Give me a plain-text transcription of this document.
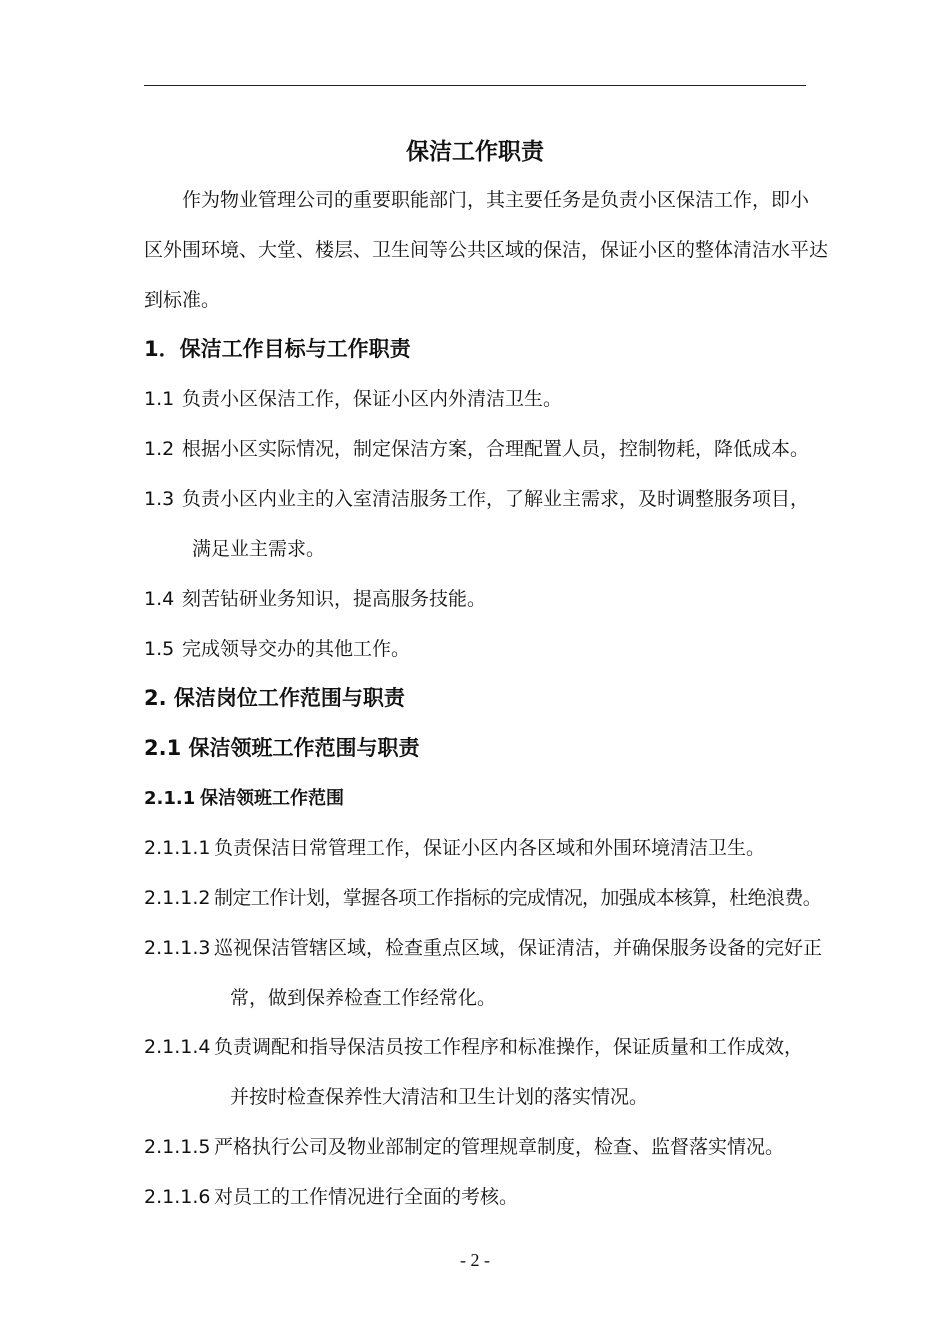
保洁工作职责
作为物业管理公司的重要职能部门，其主要任务是负责小区保洁工作，即小
区外围环境、大堂、楼层、卫生间等公共区域的保洁，保证小区的整体清洁水平达
到标准。
1．保洁工作目标与工作职责
1.1 负责小区保洁工作，保证小区内外清洁卫生。
1.2 根据小区实际情况，制定保洁方案，合理配置人员，控制物耗，降低成本。
1.3 负责小区内业主的入室清洁服务工作，了解业主需求，及时调整服务项目，
满足业主需求。
1.4 刻苦钻研业务知识，提高服务技能。
1.5 完成领导交办的其他工作。
2. 保洁岗位工作范围与职责
2.1 保洁领班工作范围与职责
2.1.1 保洁领班工作范围
2.1.1.1 负责保洁日常管理工作，保证小区内各区域和外围环境清洁卫生。
2.1.1.2 制定工作计划，掌握各项工作指标的完成情况，加强成本核算，杜绝浪费。
2.1.1.3 巡视保洁管辖区域，检查重点区域，保证清洁，并确保服务设备的完好正
常，做到保养检查工作经常化。
2.1.1.4 负责调配和指导保洁员按工作程序和标准操作，保证质量和工作成效，
并按时检查保养性大清洁和卫生计划的落实情况。
2.1.1.5 严格执行公司及物业部制定的管理规章制度，检查、监督落实情况。
2.1.1.6 对员工的工作情况进行全面的考核。
- 2 -
